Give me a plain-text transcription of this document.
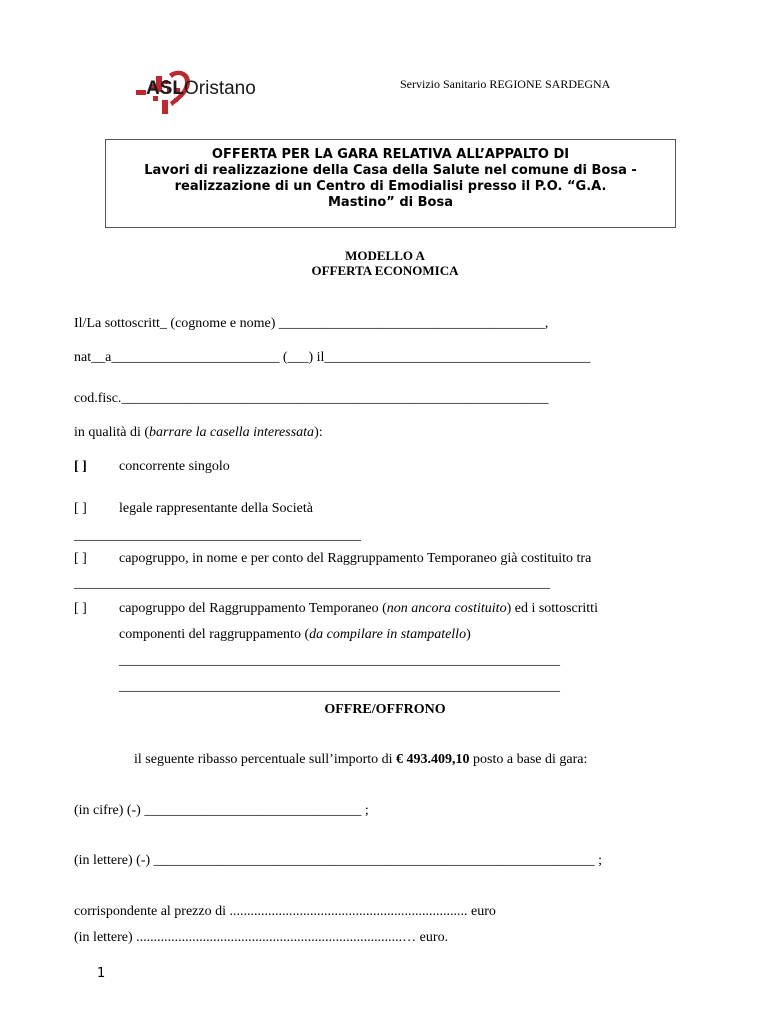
ASLOristano	Servizio Sanitario REGIONE SARDEGNA
OFFERTA PER LA GARA RELATIVA ALL’APPALTO DI
Lavori di realizzazione della Casa della Salute nel comune di Bosa -
realizzazione di un Centro di Emodialisi presso il P.O. “G.A.
Mastino” di Bosa
MODELLO A
OFFERTA ECONOMICA
Il/La sottoscritt_ (cognome e nome) ______________________________________,
nat__a________________________ (___) il______________________________________
cod.fisc._____________________________________________________________
in qualità di (barrare la casella interessata):
[ ] concorrente singolo
[ ] legale rappresentante della Società
_________________________________________
[ ] capogruppo, in nome e per conto del Raggruppamento Temporaneo già costituito tra
____________________________________________________________________
[ ] capogruppo del Raggruppamento Temporaneo (non ancora costituito) ed i sottoscritti
componenti del raggruppamento (da compilare in stampatello)
_______________________________________________________________
_______________________________________________________________
OFFRE/OFFRONO
il seguente ribasso percentuale sull’importo di € 493.409,10 posto a base di gara:
(in cifre) (-) _______________________________ ;
(in lettere) (-) _______________________________________________________________ ;
corrispondente al prezzo di .................................................................... euro
(in lettere) ............................................................................… euro.
1
